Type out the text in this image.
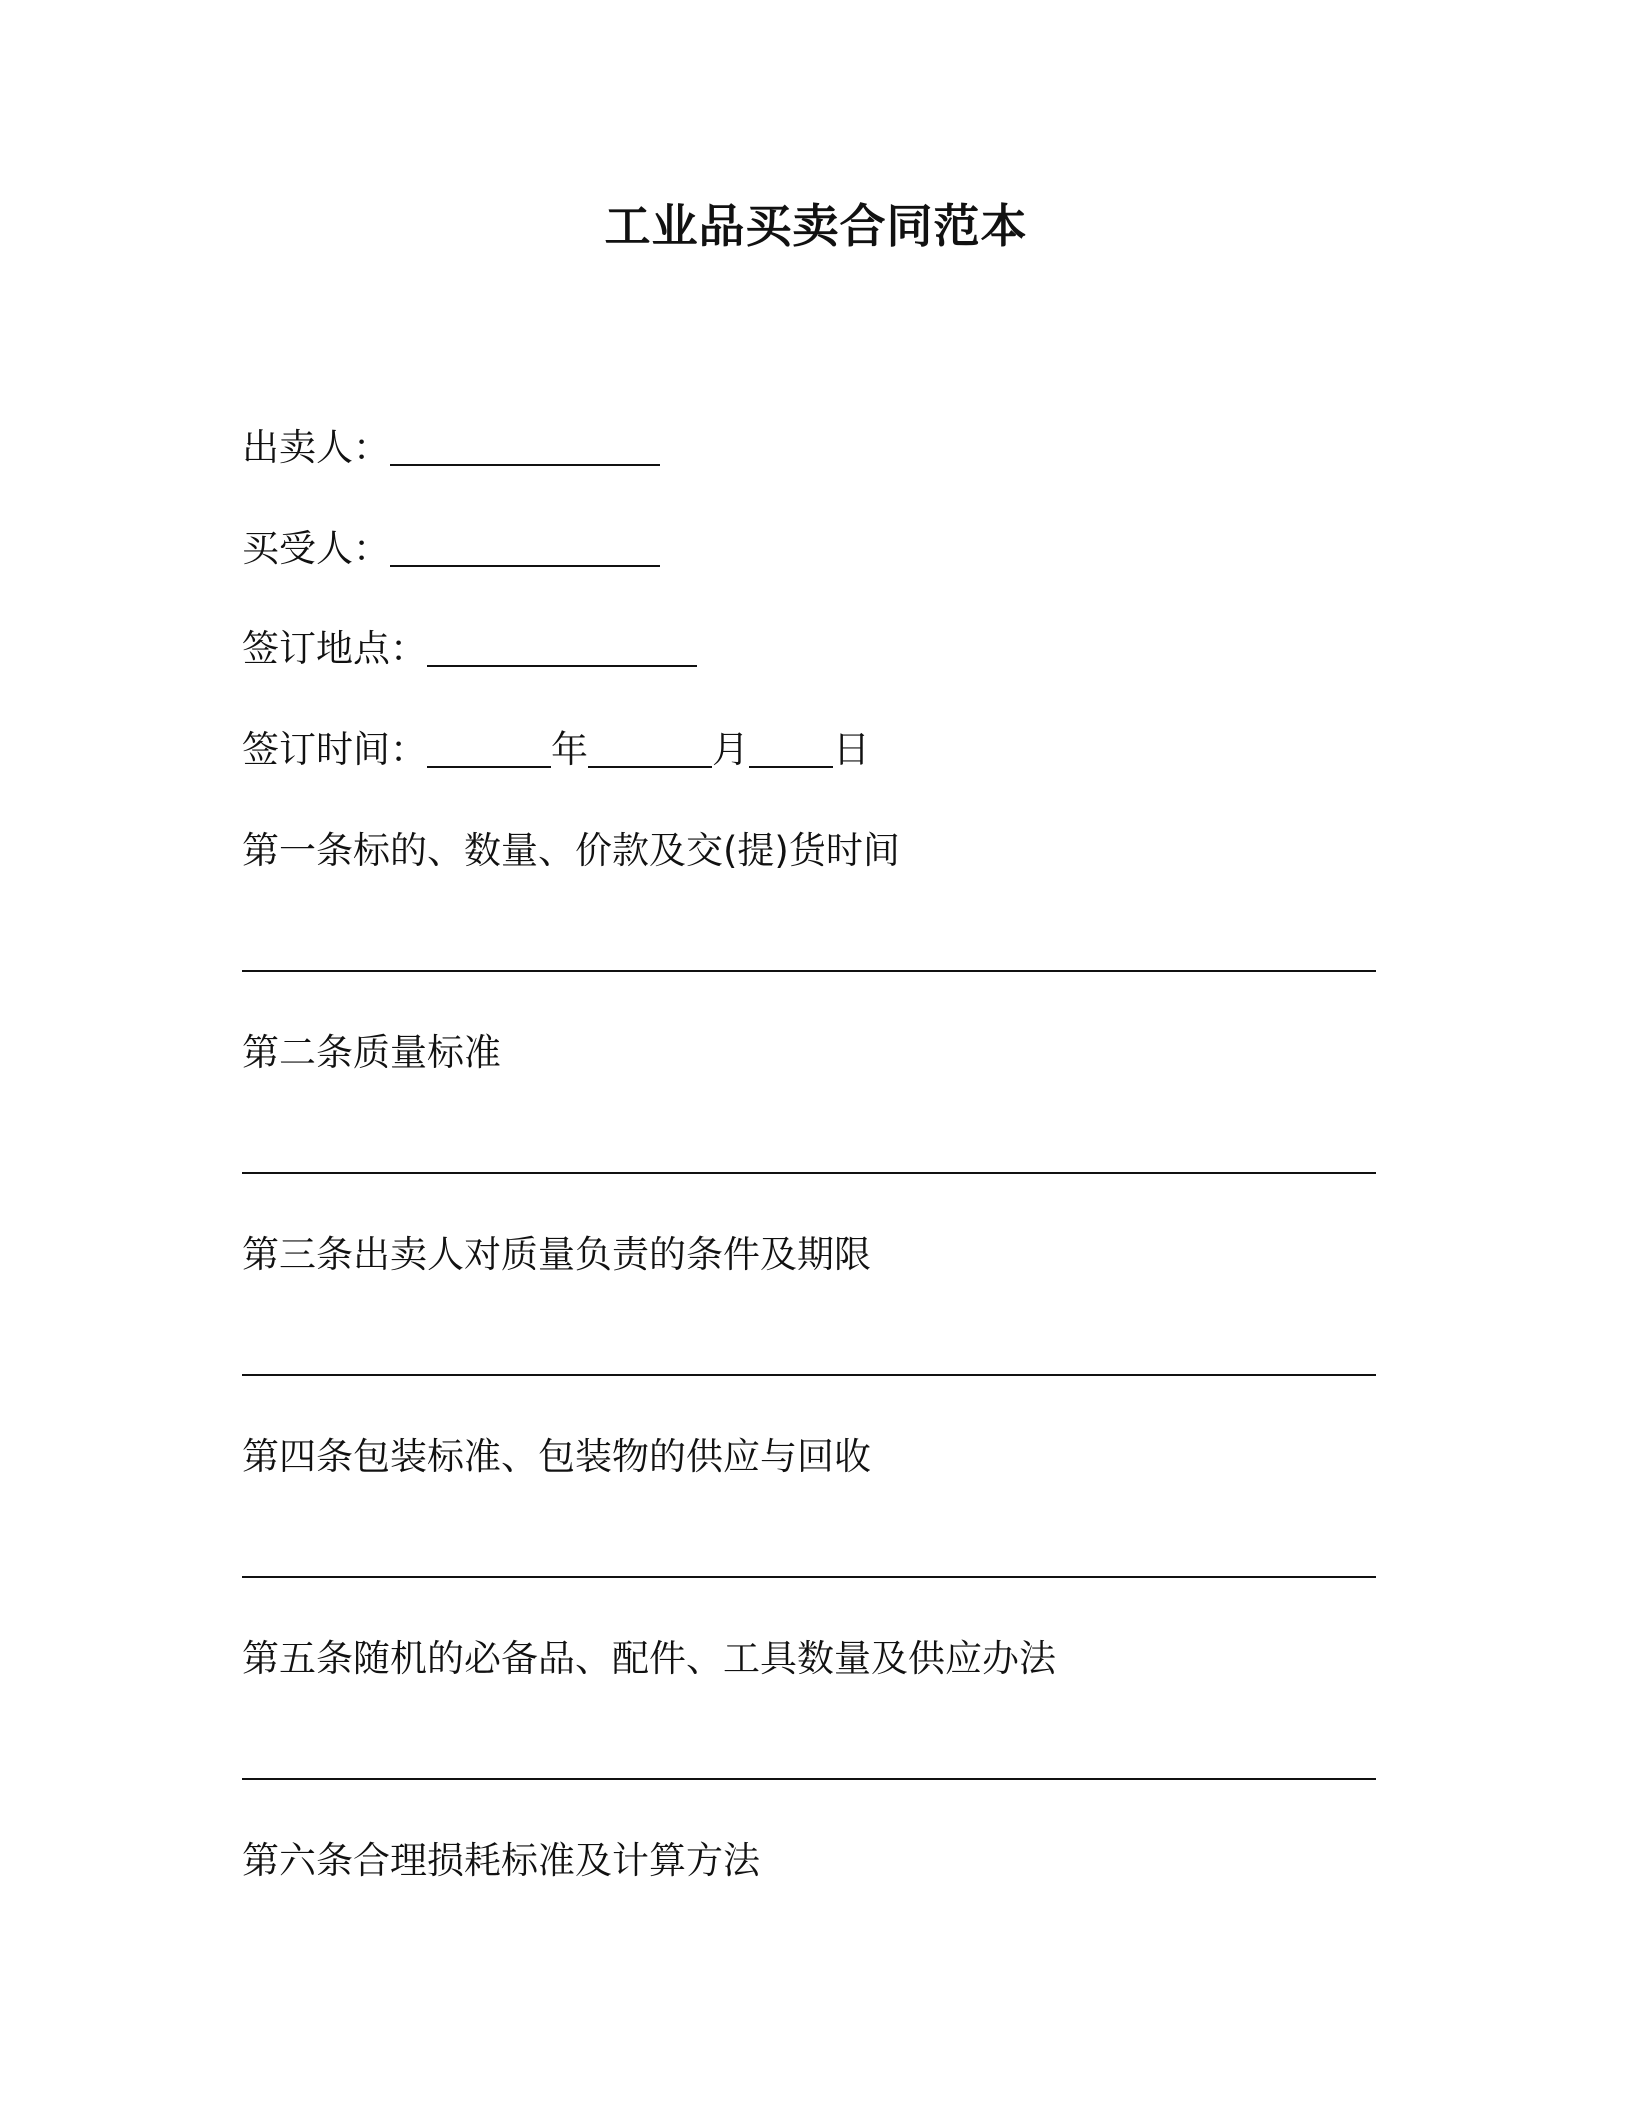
工业品买卖合同范本
出卖人：
买受人：
签订地点：
签订时间：	年	月 日
第一条标的、数量、价款及交(提)货时间
第二条质量标准
第三条出卖人对质量负责的条件及期限
第四条包装标准、包装物的供应与回收
第五条随机的必备品、配件、工具数量及供应办法
第六条合理损耗标准及计算方法
